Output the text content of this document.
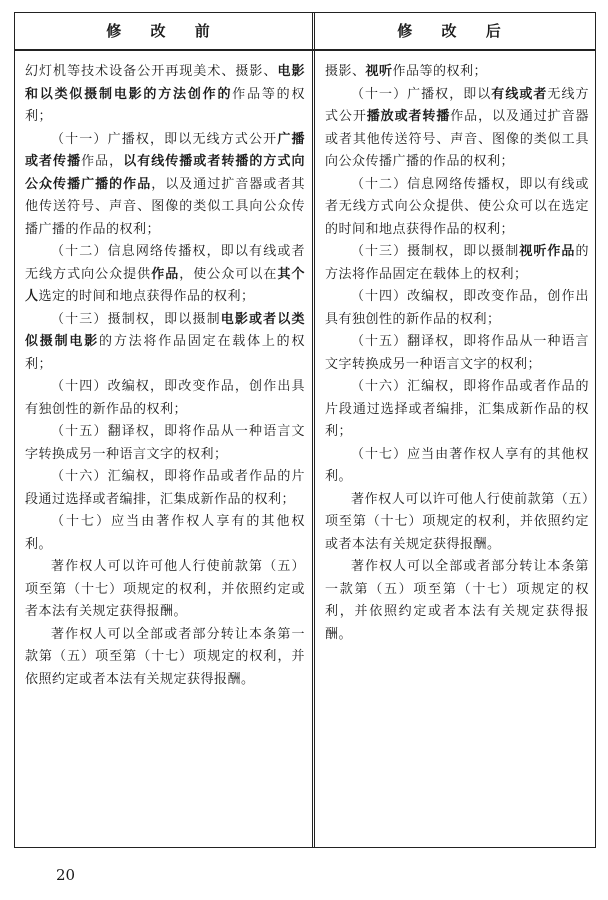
修 改 前	修 改 后

幻灯机等技术设备公开再现美术、摄影、电影和以类似摄制电影的方法创作的作品等的权利；

（十一）广播权，即以无线方式公开广播或者传播作品，以有线传播或者转播的方式向公众传播广播的作品，以及通过扩音器或者其他传送符号、声音、图像的类似工具向公众传播广播的作品的权利；

（十二）信息网络传播权，即以有线或者无线方式向公众提供作品，使公众可以在其个人选定的时间和地点获得作品的权利；

（十三）摄制权，即以摄制电影或者以类似摄制电影的方法将作品固定在载体上的权利；

（十四）改编权，即改变作品，创作出具有独创性的新作品的权利；

（十五）翻译权，即将作品从一种语言文字转换成另一种语言文字的权利；

（十六）汇编权，即将作品或者作品的片段通过选择或者编排，汇集成新作品的权利；

（十七）应当由著作权人享有的其他权利。

著作权人可以许可他人行使前款第（五）项至第（十七）项规定的权利，并依照约定或者本法有关规定获得报酬。

著作权人可以全部或者部分转让本条第一款第（五）项至第（十七）项规定的权利，并依照约定或者本法有关规定获得报酬。

摄影、视听作品等的权利；

（十一）广播权，即以有线或者无线方式公开播放或者转播作品，以及通过扩音器或者其他传送符号、声音、图像的类似工具向公众传播广播的作品的权利；

（十二）信息网络传播权，即以有线或者无线方式向公众提供、使公众可以在选定的时间和地点获得作品的权利；

（十三）摄制权，即以摄制视听作品的方法将作品固定在载体上的权利；

（十四）改编权，即改变作品，创作出具有独创性的新作品的权利；

（十五）翻译权，即将作品从一种语言文字转换成另一种语言文字的权利；

（十六）汇编权，即将作品或者作品的片段通过选择或者编排，汇集成新作品的权利；

（十七）应当由著作权人享有的其他权利。

著作权人可以许可他人行使前款第（五）项至第（十七）项规定的权利，并依照约定或者本法有关规定获得报酬。

著作权人可以全部或者部分转让本条第一款第（五）项至第（十七）项规定的权利，并依照约定或者本法有关规定获得报酬。

20
